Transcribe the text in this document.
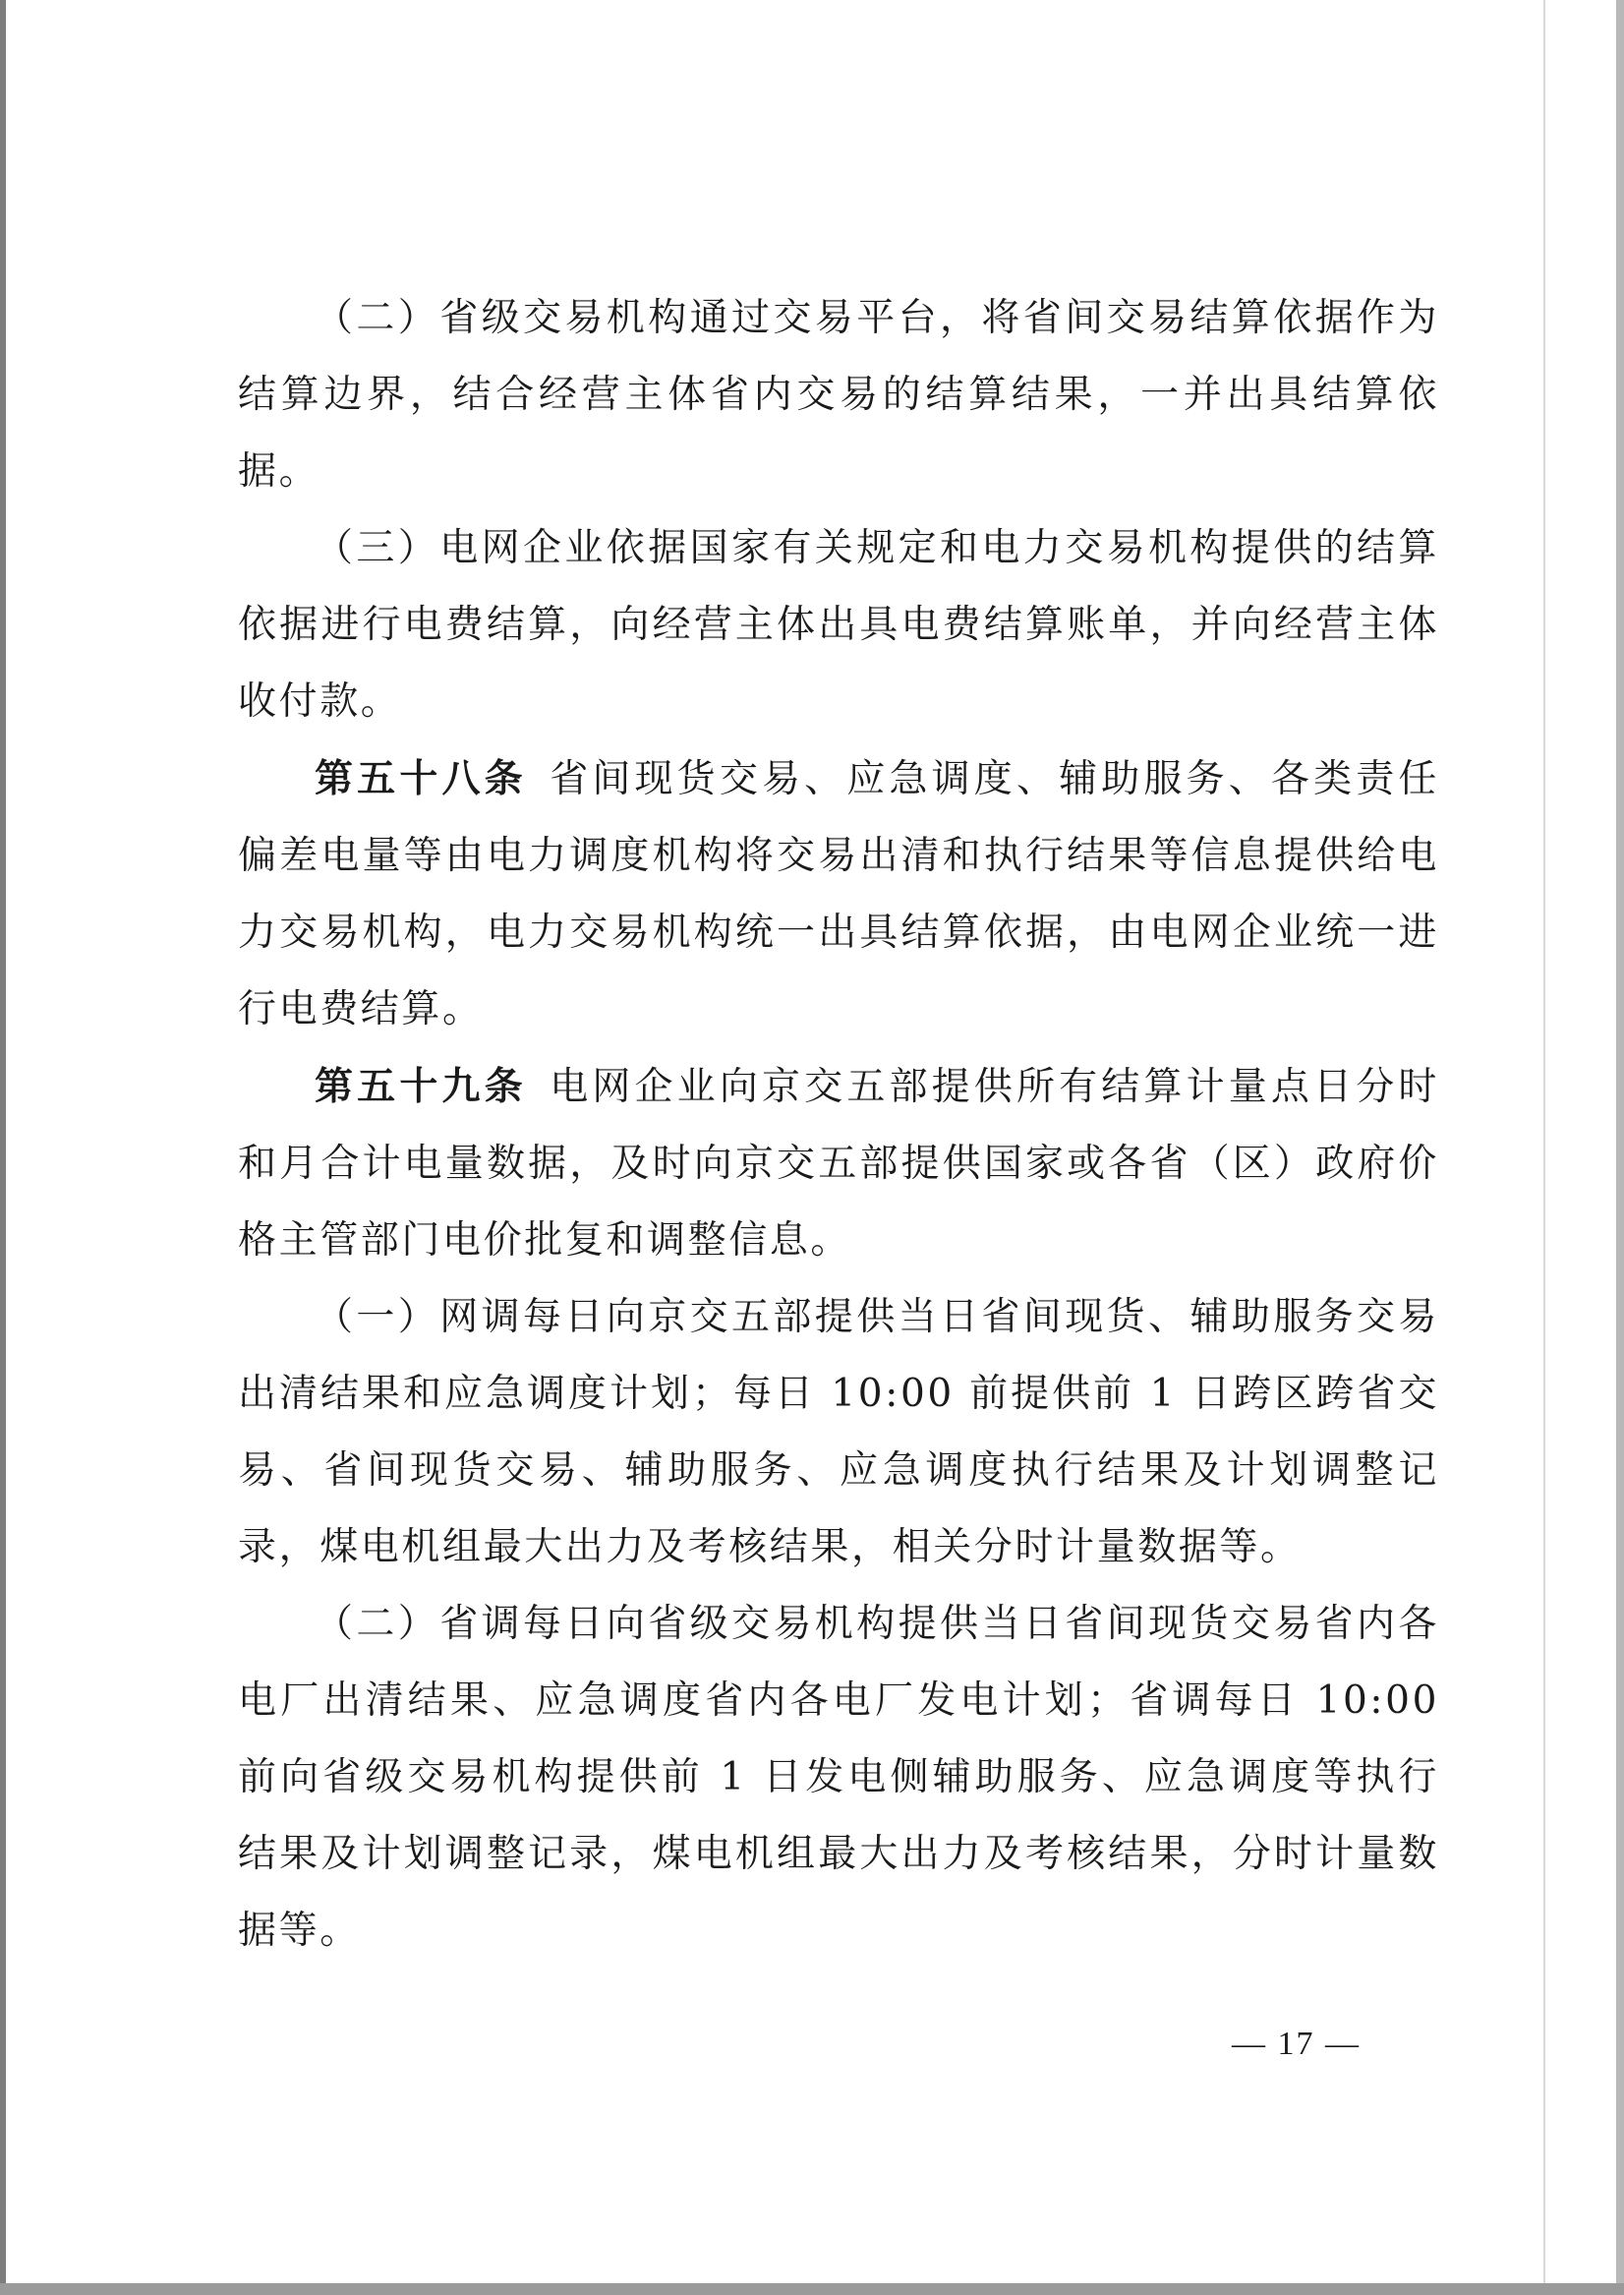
（二）省级交易机构通过交易平台，将省间交易结算依据作为结算边界，结合经营主体省内交易的结算结果，一并出具结算依据。

（三）电网企业依据国家有关规定和电力交易机构提供的结算依据进行电费结算，向经营主体出具电费结算账单，并向经营主体收付款。

第五十八条 省间现货交易、应急调度、辅助服务、各类责任偏差电量等由电力调度机构将交易出清和执行结果等信息提供给电力交易机构，电力交易机构统一出具结算依据，由电网企业统一进行电费结算。

第五十九条 电网企业向京交五部提供所有结算计量点日分时和月合计电量数据，及时向京交五部提供国家或各省（区）政府价格主管部门电价批复和调整信息。

（一）网调每日向京交五部提供当日省间现货、辅助服务交易出清结果和应急调度计划；每日 10:00 前提供前 1 日跨区跨省交易、省间现货交易、辅助服务、应急调度执行结果及计划调整记录，煤电机组最大出力及考核结果，相关分时计量数据等。

（二）省调每日向省级交易机构提供当日省间现货交易省内各电厂出清结果、应急调度省内各电厂发电计划；省调每日 10:00 前向省级交易机构提供前 1 日发电侧辅助服务、应急调度等执行结果及计划调整记录，煤电机组最大出力及考核结果，分时计量数据等。

— 17 —
